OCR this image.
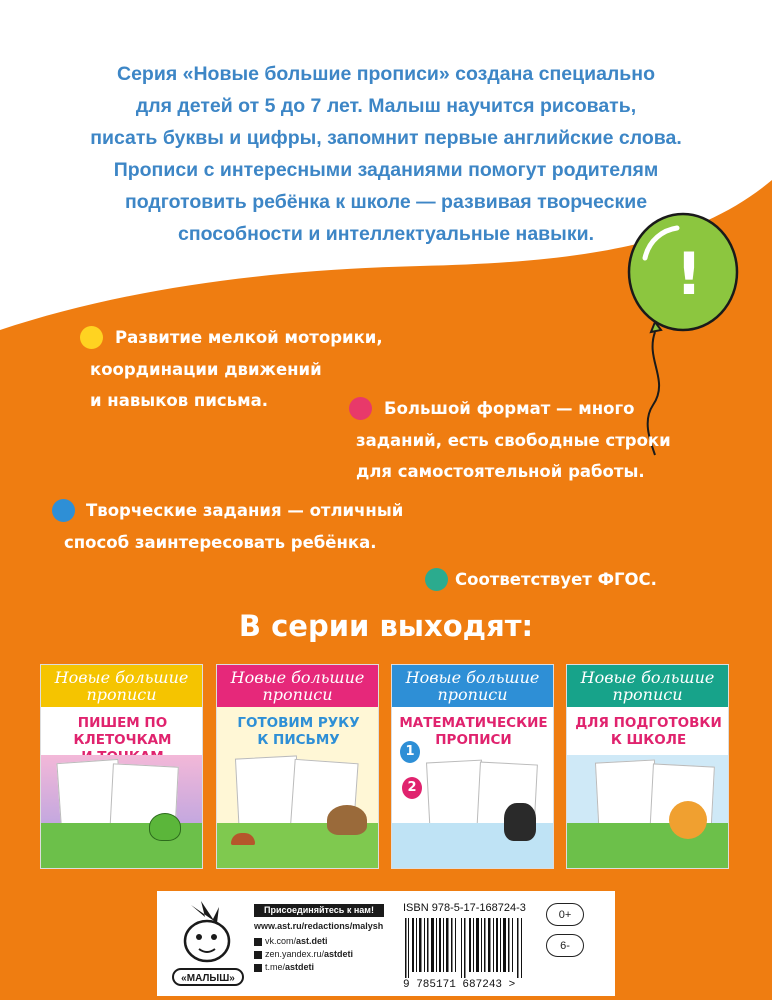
Серия «Новые большие прописи» создана специально
для детей от 5 до 7 лет. Малыш научится рисовать,
писать буквы и цифры, запомнит первые английские слова.
Прописи с интересными заданиями помогут родителям
подготовить ребёнка к школе — развивая творческие
способности и интеллектуальные навыки.
!
Развитие мелкой моторики,
координации движений
и навыков письма.	Большой формат — много
заданий, есть свободные строки
для самостоятельной работы.
Творческие задания — отличный
способ заинтересовать ребёнка.
Соответствует ФГОС.
В серии выходят:
Новые большие прописи
ПИШЕМ ПО КЛЕТОЧКАМ
Новые большие прописи
ГОТОВИМ РУКУ
К ПИСЬМУ
Новые большие прописи
МАТЕМАТИЧЕСКИЕ
ПРОПИСИ
1
2
Новые большие прописи
ДЛЯ ПОДГОТОВКИ
К ШКОЛЕ
«МАЛЫШ»
Присоединяйтесь к нам!
www.ast.ru/redactions/malysh
vk.com/ast.deti
zen.yandex.ru/astdeti
t.me/astdeti
ISBN 978-5-17-168724-3
9 785171 687243 >
0+
6-
